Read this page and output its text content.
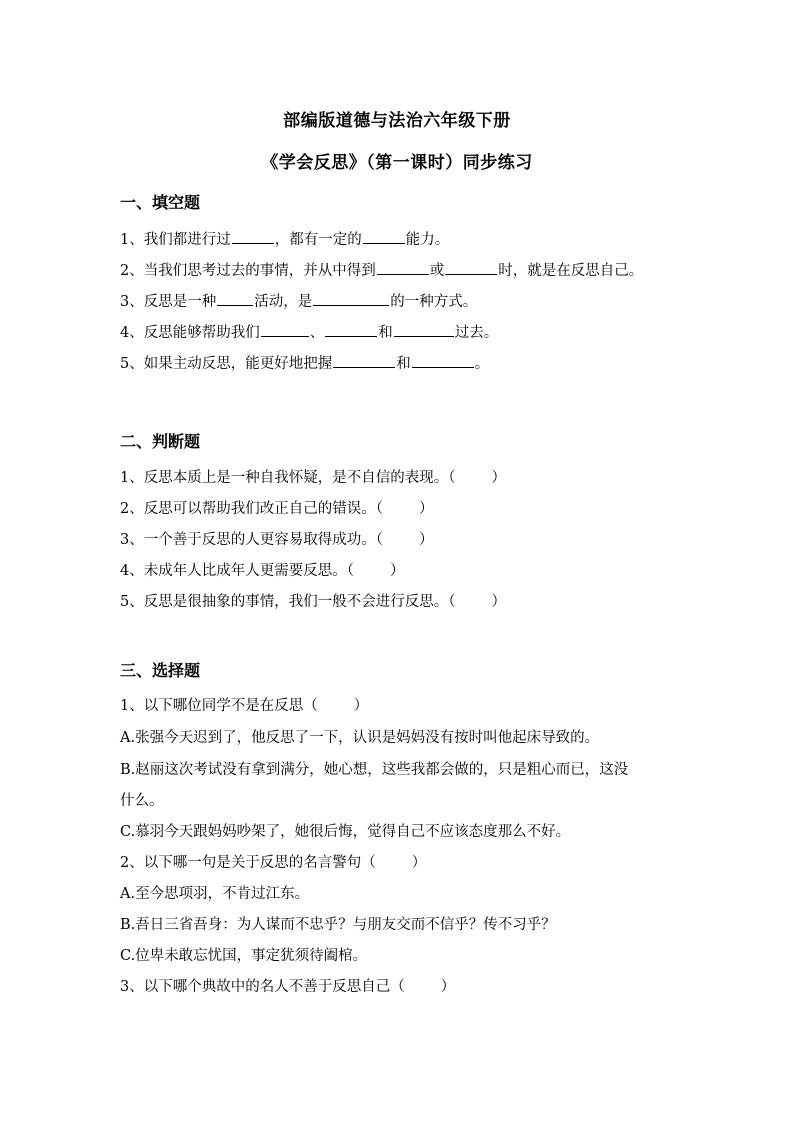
部编版道德与法治六年级下册
《学会反思》（第一课时）同步练习
一、填空题
1、我们都进行过	，都有一定的	能力。
2、当我们思考过去的事情，并从中得到	或	时，就是在反思自己。
3、反思是一种	活动，是	的一种方式。
4、反思能够帮助我们	、	和	过去。
5、如果主动反思，能更好地把握	和	。
二、判断题
1、反思本质上是一种自我怀疑，是不自信的表现。（ ）
2、反思可以帮助我们改正自己的错误。（ ）
3、一个善于反思的人更容易取得成功。（ ）
4、未成年人比成年人更需要反思。（ ）
5、反思是很抽象的事情，我们一般不会进行反思。（ ）
三、选择题
1、以下哪位同学不是在反思（ ）
A.张强今天迟到了，他反思了一下，认识是妈妈没有按时叫他起床导致的。
B.赵丽这次考试没有拿到满分，她心想，这些我都会做的，只是粗心而已，这没
什么。
C.慕羽今天跟妈妈吵架了，她很后悔，觉得自己不应该态度那么不好。
2、以下哪一句是关于反思的名言警句（ ）
A.至今思项羽，不肯过江东。
B.吾日三省吾身：为人谋而不忠乎？与朋友交而不信乎？传不习乎？
C.位卑未敢忘忧国，事定犹须待阖棺。
3、以下哪个典故中的名人不善于反思自己（ ）
